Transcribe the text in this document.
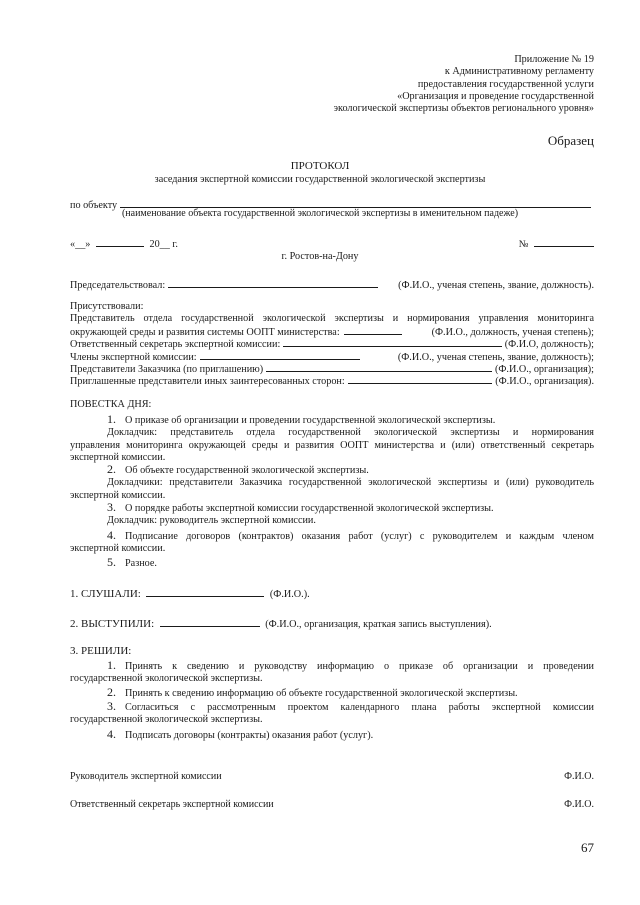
Приложение № 19
к Административному регламенту
предоставления государственной услуги
«Организация и проведение государственной
экологической экспертизы объектов регионального уровня»
Образец
ПРОТОКОЛ
заседания экспертной комиссии государственной экологической экспертизы
по объекту
(наименование объекта государственной экологической экспертизы в именительном падеже)
«__»	20__ г.	№
г. Ростов-на-Дону
Председательствовал:	(Ф.И.О., ученая степень, звание, должность).
Присутствовали:
Представитель отдела государственной экологической экспертизы и нормирования управления мониторинга
окружающей среды и развития системы ООПТ министерства:	(Ф.И.О., должность, ученая степень);
Ответственный секретарь экспертной комиссии:	(Ф.И.О, должность);
Члены экспертной комиссии:	(Ф.И.О., ученая степень, звание, должность);
Представители Заказчика (по приглашению)	(Ф.И.О., организация);
Приглашенные представители иных заинтересованных сторон:	(Ф.И.О., организация).
ПОВЕСТКА ДНЯ:
1. О приказе об организации и проведении государственной экологической экспертизы.
Докладчик: представитель отдела государственной экологической экспертизы и нормирования
управления мониторинга окружающей среды и развития ООПТ министерства и (или) ответственный секретарь
экспертной комиссии.
2. Об объекте государственной экологической экспертизы.
Докладчики: представители Заказчика государственной экологической экспертизы и (или) руководитель
экспертной комиссии.
3. О порядке работы экспертной комиссии государственной экологической экспертизы.
Докладчик: руководитель экспертной комиссии.
4. Подписание договоров (контрактов) оказания работ (услуг) с руководителем и каждым членом
экспертной комиссии.
5. Разное.
1. СЛУШАЛИ:	(Ф.И.О.).
2. ВЫСТУПИЛИ:	(Ф.И.О., организация, краткая запись выступления).
3. РЕШИЛИ:
1. Принять к сведению и руководству информацию о приказе об организации и проведении
государственной экологической экспертизы.
2. Принять к сведению информацию об объекте государственной экологической экспертизы.
3. Согласиться с рассмотренным проектом календарного плана работы экспертной комиссии
государственной экологической экспертизы.
4. Подписать договоры (контракты) оказания работ (услуг).
Руководитель экспертной комиссии	Ф.И.О.
Ответственный секретарь экспертной комиссии	Ф.И.О.
67
